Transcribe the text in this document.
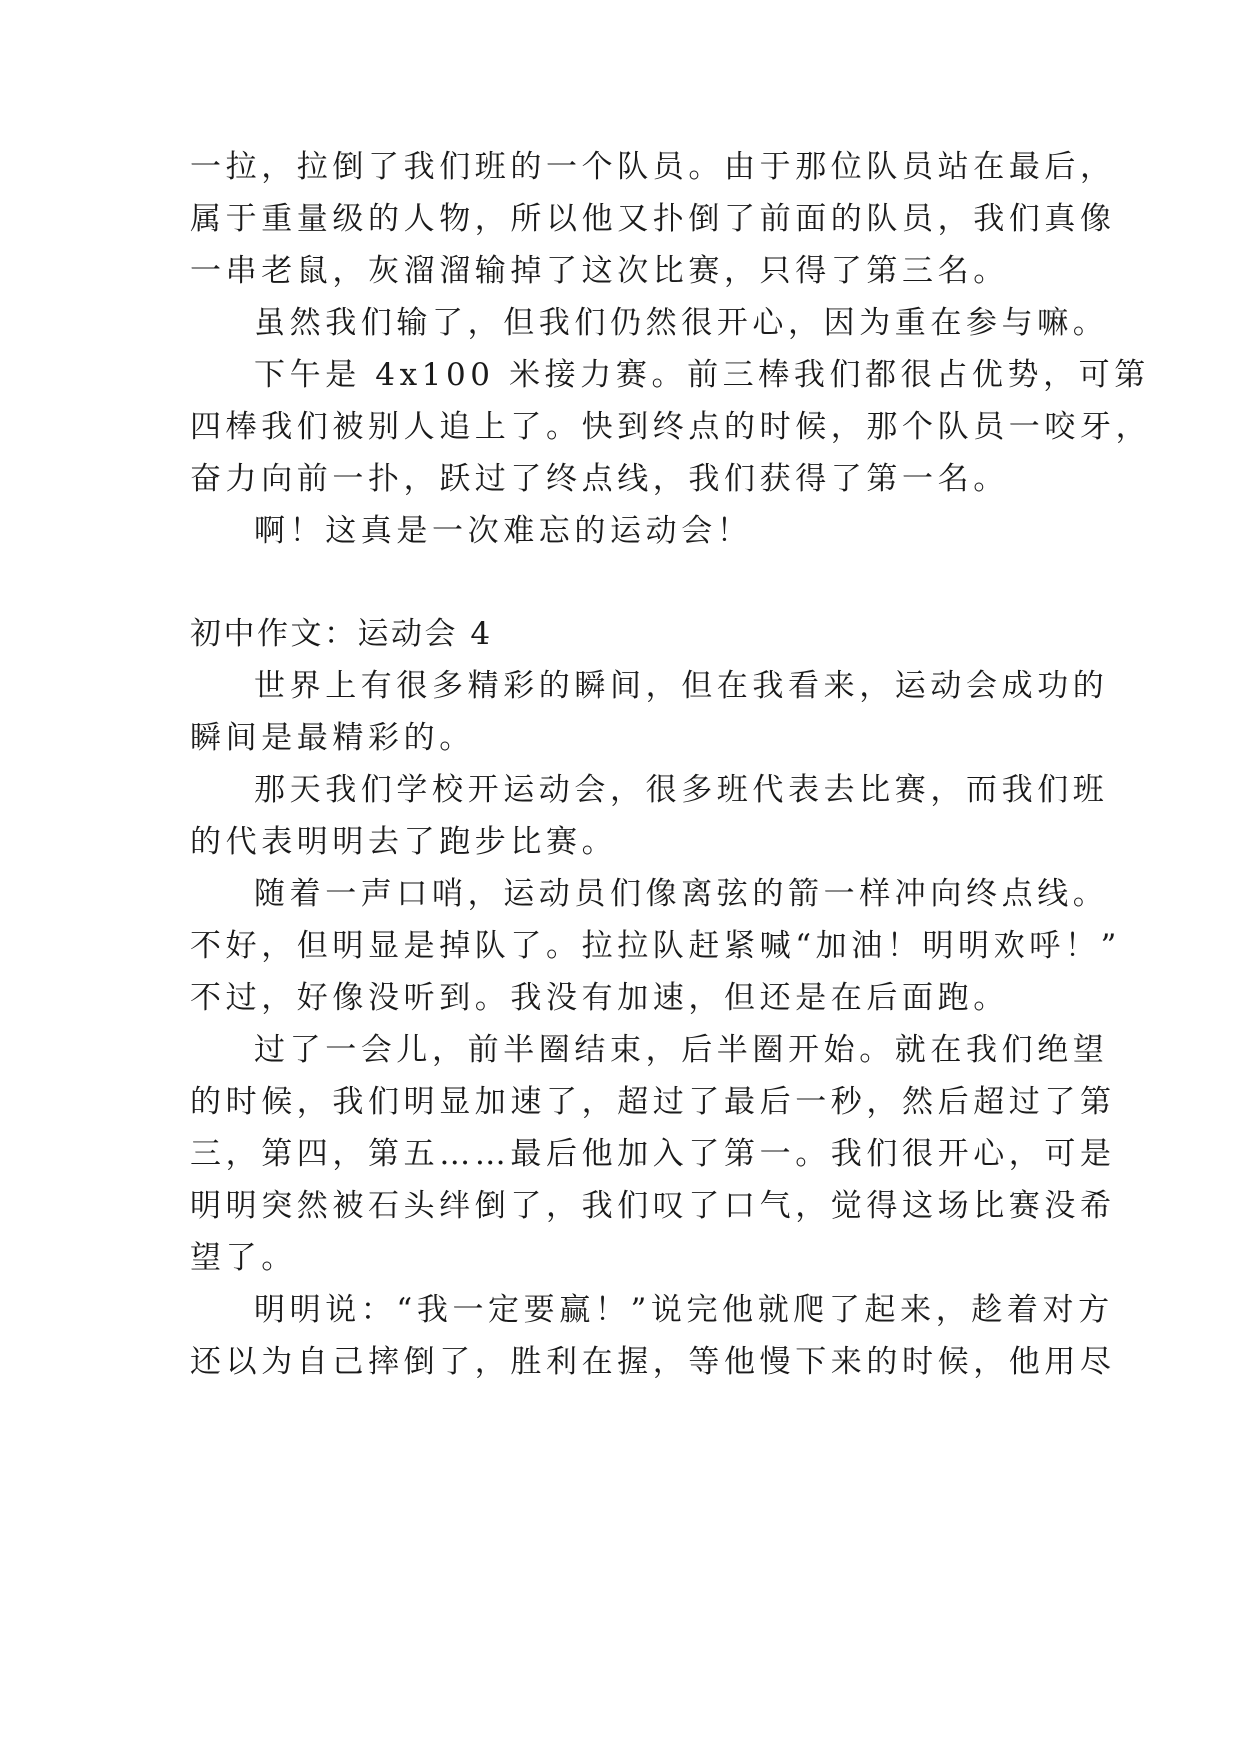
一拉，拉倒了我们班的一个队员。由于那位队员站在最后，
属于重量级的人物，所以他又扑倒了前面的队员，我们真像
一串老鼠，灰溜溜输掉了这次比赛，只得了第三名。
虽然我们输了，但我们仍然很开心，因为重在参与嘛。
下午是 4x100 米接力赛。前三棒我们都很占优势，可第
四棒我们被别人追上了。快到终点的时候，那个队员一咬牙，
奋力向前一扑，跃过了终点线，我们获得了第一名。
啊！这真是一次难忘的运动会！
初中作文：运动会 4
世界上有很多精彩的瞬间，但在我看来，运动会成功的
瞬间是最精彩的。
那天我们学校开运动会，很多班代表去比赛，而我们班
的代表明明去了跑步比赛。
随着一声口哨，运动员们像离弦的箭一样冲向终点线。
不好，但明显是掉队了。拉拉队赶紧喊“加油！明明欢呼！”
不过，好像没听到。我没有加速，但还是在后面跑。
过了一会儿，前半圈结束，后半圈开始。就在我们绝望
的时候，我们明显加速了，超过了最后一秒，然后超过了第
三，第四，第五……最后他加入了第一。我们很开心，可是
明明突然被石头绊倒了，我们叹了口气，觉得这场比赛没希
望了。
明明说：“我一定要赢！”说完他就爬了起来，趁着对方
还以为自己摔倒了，胜利在握，等他慢下来的时候，他用尽
